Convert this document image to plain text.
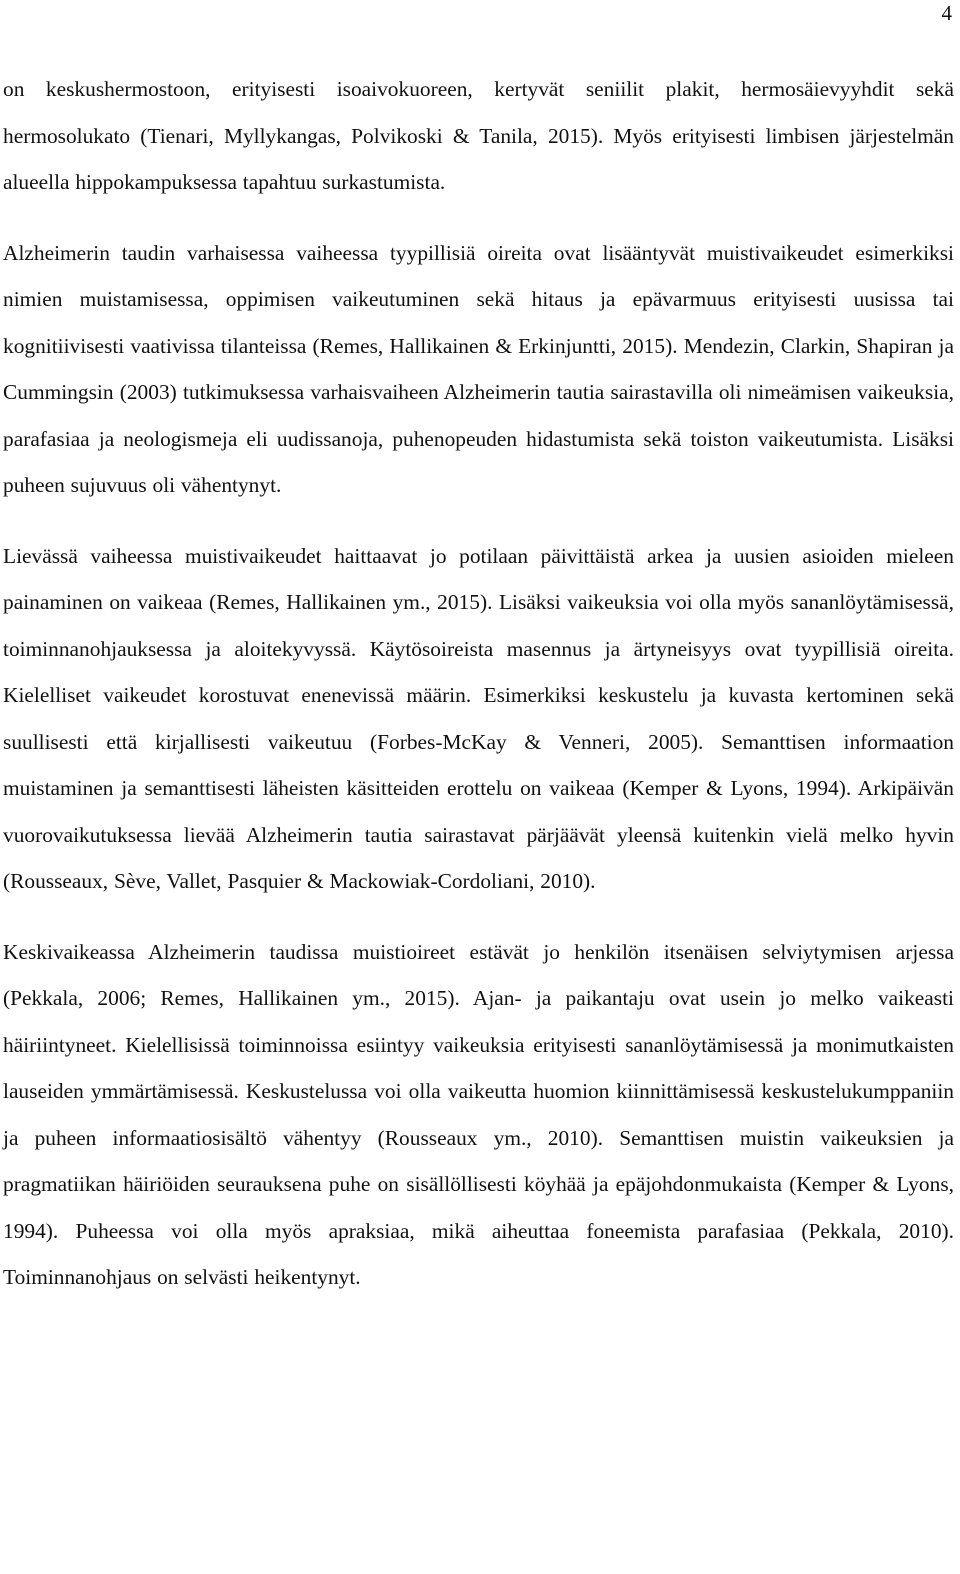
4

on keskushermostoon, erityisesti isoaivokuoreen, kertyvät seniilit plakit, hermosäievyyhdit sekä hermosolukato (Tienari, Myllykangas, Polvikoski & Tanila, 2015). Myös erityisesti limbisen järjestelmän alueella hippokampuksessa tapahtuu surkastumista.

Alzheimerin taudin varhaisessa vaiheessa tyypillisiä oireita ovat lisääntyvät muistivaikeudet esimerkiksi nimien muistamisessa, oppimisen vaikeutuminen sekä hitaus ja epävarmuus erityisesti uusissa tai kognitiivisesti vaativissa tilanteissa (Remes, Hallikainen & Erkinjuntti, 2015). Mendezin, Clarkin, Shapiran ja Cummingsin (2003) tutkimuksessa varhaisvaiheen Alzheimerin tautia sairastavilla oli nimeämisen vaikeuksia, parafasiaa ja neologismeja eli uudissanoja, puhenopeuden hidastumista sekä toiston vaikeutumista. Lisäksi puheen sujuvuus oli vähentynyt.

Lievässä vaiheessa muistivaikeudet haittaavat jo potilaan päivittäistä arkea ja uusien asioiden mieleen painaminen on vaikeaa (Remes, Hallikainen ym., 2015). Lisäksi vaikeuksia voi olla myös sananlöytämisessä, toiminnanohjauksessa ja aloitekyvyssä. Käytösoireista masennus ja ärtyneisyys ovat tyypillisiä oireita. Kielelliset vaikeudet korostuvat enenevissä määrin. Esimerkiksi keskustelu ja kuvasta kertominen sekä suullisesti että kirjallisesti vaikeutuu (Forbes-McKay & Venneri, 2005). Semanttisen informaation muistaminen ja semanttisesti läheisten käsitteiden erottelu on vaikeaa (Kemper & Lyons, 1994). Arkipäivän vuorovaikutuksessa lievää Alzheimerin tautia sairastavat pärjäävät yleensä kuitenkin vielä melko hyvin (Rousseaux, Sève, Vallet, Pasquier & Mackowiak-Cordoliani, 2010).

Keskivaikeassa Alzheimerin taudissa muistioireet estävät jo henkilön itsenäisen selviytymisen arjessa (Pekkala, 2006; Remes, Hallikainen ym., 2015). Ajan- ja paikantaju ovat usein jo melko vaikeasti häiriintyneet. Kielellisissä toiminnoissa esiintyy vaikeuksia erityisesti sananlöytämisessä ja monimutkaisten lauseiden ymmärtämisessä. Keskustelussa voi olla vaikeutta huomion kiinnittämisessä keskustelukumppaniin ja puheen informaatiosisältö vähentyy (Rousseaux ym., 2010). Semanttisen muistin vaikeuksien ja pragmatiikan häiriöiden seurauksena puhe on sisällöllisesti köyhää ja epäjohdonmukaista (Kemper & Lyons, 1994). Puheessa voi olla myös apraksiaa, mikä aiheuttaa foneemista parafasiaa (Pekkala, 2010). Toiminnanohjaus on selvästi heikentynyt.
